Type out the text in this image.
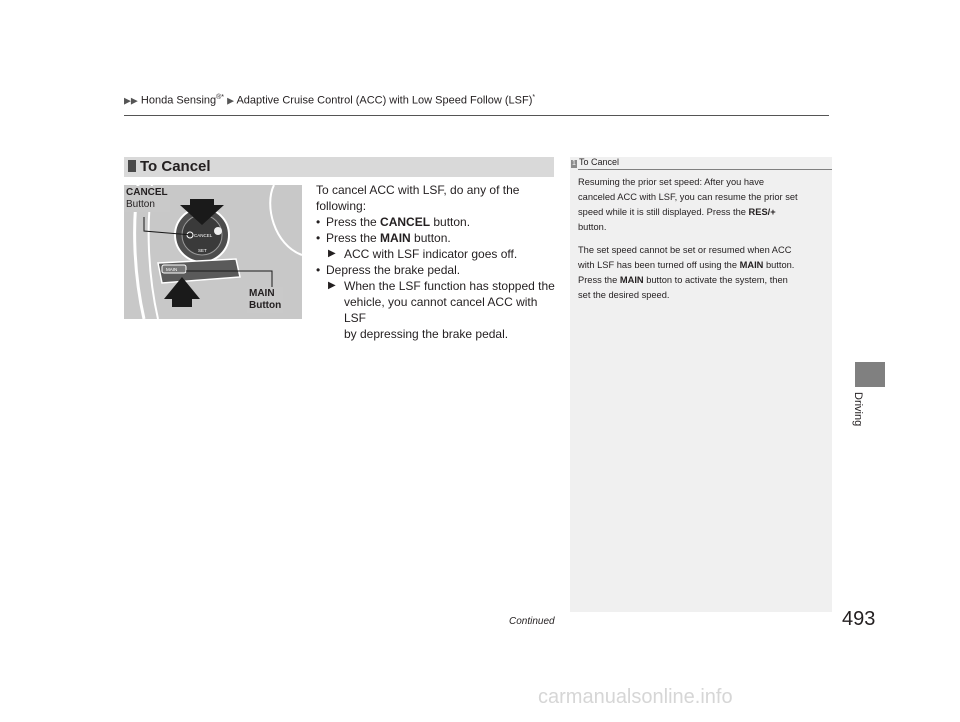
▶▶ Honda Sensing®* ▶ Adaptive Cruise Control (ACC) with Low Speed Follow (LSF)*
To Cancel
CANCEL
SET
MAIN
CANCEL
Button
MAIN
Button

To cancel ACC with LSF, do any of the

following:

• Press the CANCEL button.

• Press the MAIN button.

▶ ACC with LSF indicator goes off.

• Depress the brake pedal.

▶ When the LSF function has stopped the

vehicle, you cannot cancel ACC with LSF

by depressing the brake pedal.

1 To Cancel

Resuming the prior set speed: After you have
canceled ACC with LSF, you can resume the prior set
speed while it is still displayed. Press the RES/+
button.

The set speed cannot be set or resumed when ACC
with LSF has been turned off using the MAIN button.
Press the MAIN button to activate the system, then
set the desired speed.

Driving
Continued	493
carmanualsonline.info
